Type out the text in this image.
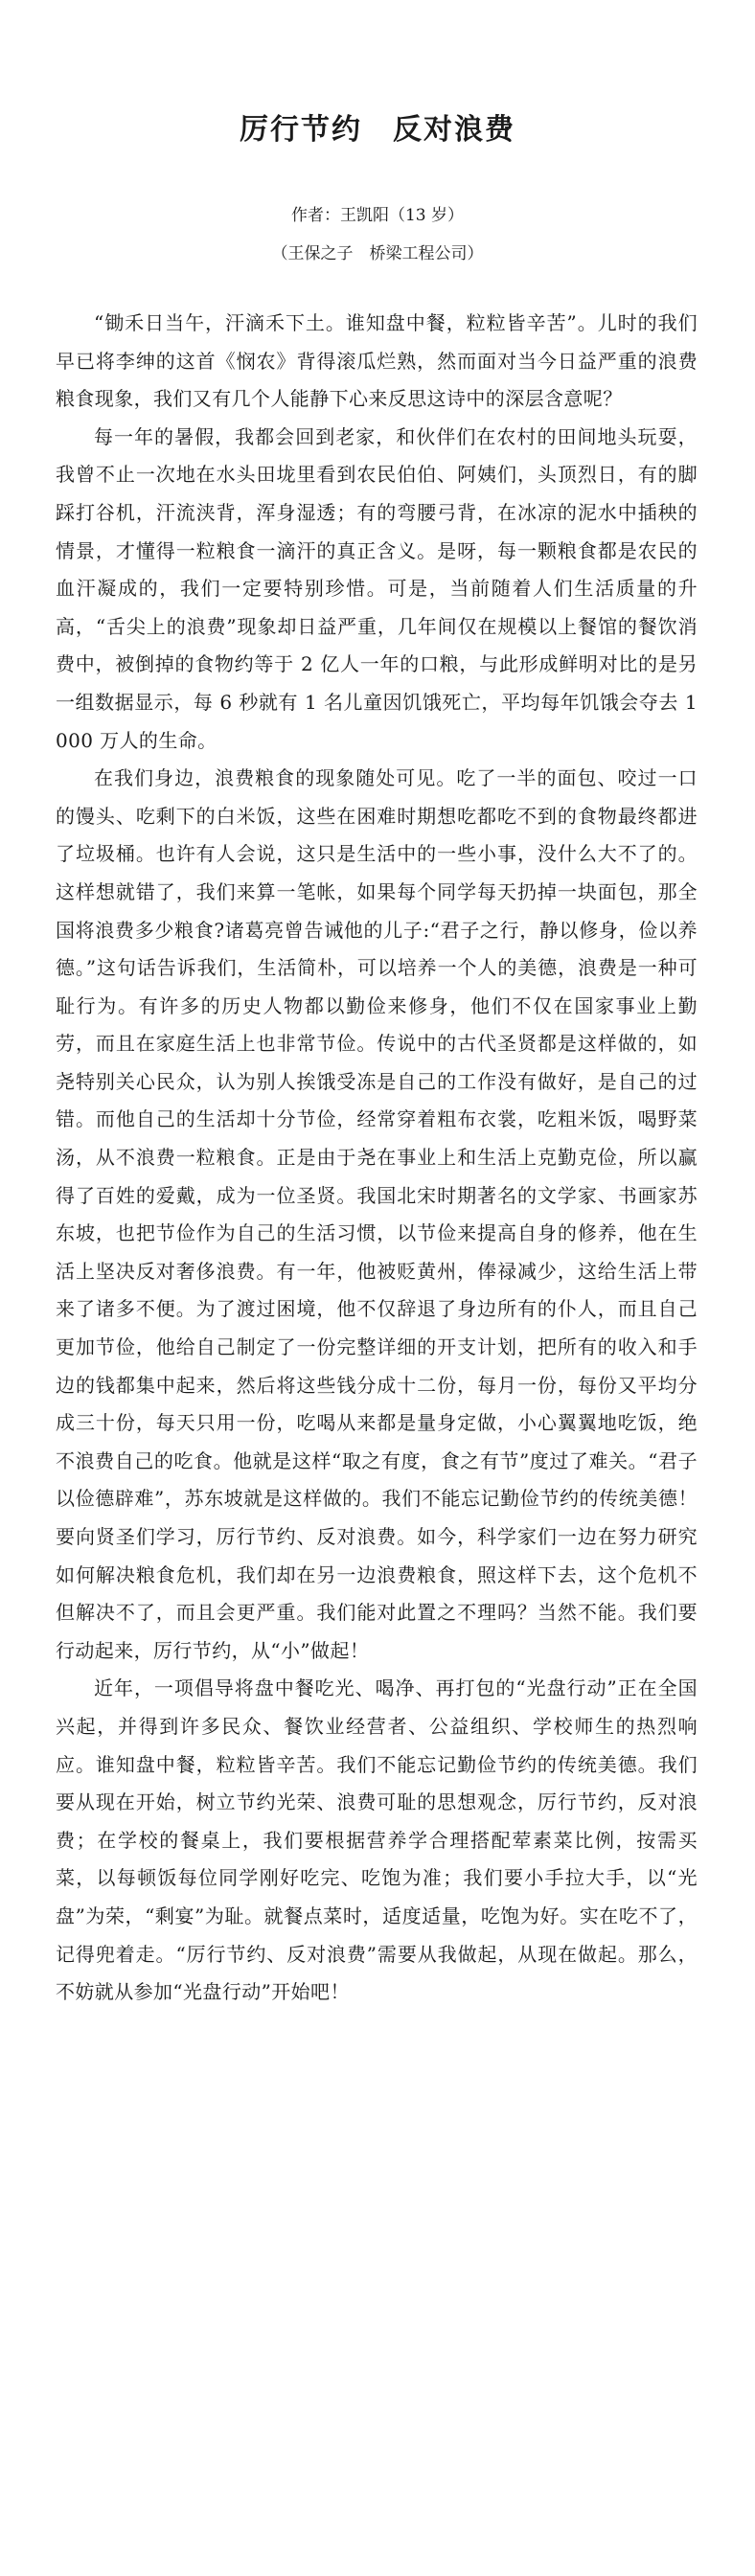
厉行节约　反对浪费

作者：王凯阳（13 岁）

（王保之子　桥梁工程公司）

“锄禾日当午，汗滴禾下土。谁知盘中餐，粒粒皆辛苦”。儿时的我们早已将李绅的这首《悯农》背得滚瓜烂熟，然而面对当今日益严重的浪费粮食现象，我们又有几个人能静下心来反思这诗中的深层含意呢？

每一年的暑假，我都会回到老家，和伙伴们在农村的田间地头玩耍，我曾不止一次地在水头田垅里看到农民伯伯、阿姨们，头顶烈日，有的脚踩打谷机，汗流浃背，浑身湿透；有的弯腰弓背，在冰凉的泥水中插秧的情景，才懂得一粒粮食一滴汗的真正含义。是呀，每一颗粮食都是农民的血汗凝成的，我们一定要特别珍惜。可是，当前随着人们生活质量的升高，“舌尖上的浪费”现象却日益严重，几年间仅在规模以上餐馆的餐饮消费中，被倒掉的食物约等于 2 亿人一年的口粮，与此形成鲜明对比的是另一组数据显示，每 6 秒就有 1 名儿童因饥饿死亡，平均每年饥饿会夺去 1000 万人的生命。

在我们身边，浪费粮食的现象随处可见。吃了一半的面包、咬过一口的馒头、吃剩下的白米饭，这些在困难时期想吃都吃不到的食物最终都进了垃圾桶。也许有人会说，这只是生活中的一些小事，没什么大不了的。这样想就错了，我们来算一笔帐，如果每个同学每天扔掉一块面包，那全国将浪费多少粮食?诸葛亮曾告诫他的儿子:“君子之行，静以修身，俭以养德。”这句话告诉我们，生活简朴，可以培养一个人的美德，浪费是一种可耻行为。有许多的历史人物都以勤俭来修身，他们不仅在国家事业上勤劳，而且在家庭生活上也非常节俭。传说中的古代圣贤都是这样做的，如尧特别关心民众，认为别人挨饿受冻是自己的工作没有做好，是自己的过错。而他自己的生活却十分节俭，经常穿着粗布衣裳，吃粗米饭，喝野菜汤，从不浪费一粒粮食。正是由于尧在事业上和生活上克勤克俭，所以赢得了百姓的爱戴，成为一位圣贤。我国北宋时期著名的文学家、书画家苏东坡，也把节俭作为自己的生活习惯，以节俭来提高自身的修养，他在生活上坚决反对奢侈浪费。有一年，他被贬黄州，俸禄减少，这给生活上带来了诸多不便。为了渡过困境，他不仅辞退了身边所有的仆人，而且自己更加节俭，他给自己制定了一份完整详细的开支计划，把所有的收入和手边的钱都集中起来，然后将这些钱分成十二份，每月一份，每份又平均分成三十份，每天只用一份，吃喝从来都是量身定做，小心翼翼地吃饭，绝不浪费自己的吃食。他就是这样“取之有度，食之有节”度过了难关。“君子以俭德辟难”，苏东坡就是这样做的。我们不能忘记勤俭节约的传统美德！要向贤圣们学习，厉行节约、反对浪费。如今，科学家们一边在努力研究如何解决粮食危机，我们却在另一边浪费粮食，照这样下去，这个危机不但解决不了，而且会更严重。我们能对此置之不理吗？当然不能。我们要行动起来，厉行节约，从“小”做起！

近年，一项倡导将盘中餐吃光、喝净、再打包的“光盘行动”正在全国兴起，并得到许多民众、餐饮业经营者、公益组织、学校师生的热烈响应。谁知盘中餐，粒粒皆辛苦。我们不能忘记勤俭节约的传统美德。我们要从现在开始，树立节约光荣、浪费可耻的思想观念，厉行节约，反对浪费；在学校的餐桌上，我们要根据营养学合理搭配荤素菜比例，按需买菜，以每顿饭每位同学刚好吃完、吃饱为准；我们要小手拉大手，以“光盘”为荣，“剩宴”为耻。就餐点菜时，适度适量，吃饱为好。实在吃不了，记得兜着走。“厉行节约、反对浪费”需要从我做起，从现在做起。那么，不妨就从参加“光盘行动”开始吧！
